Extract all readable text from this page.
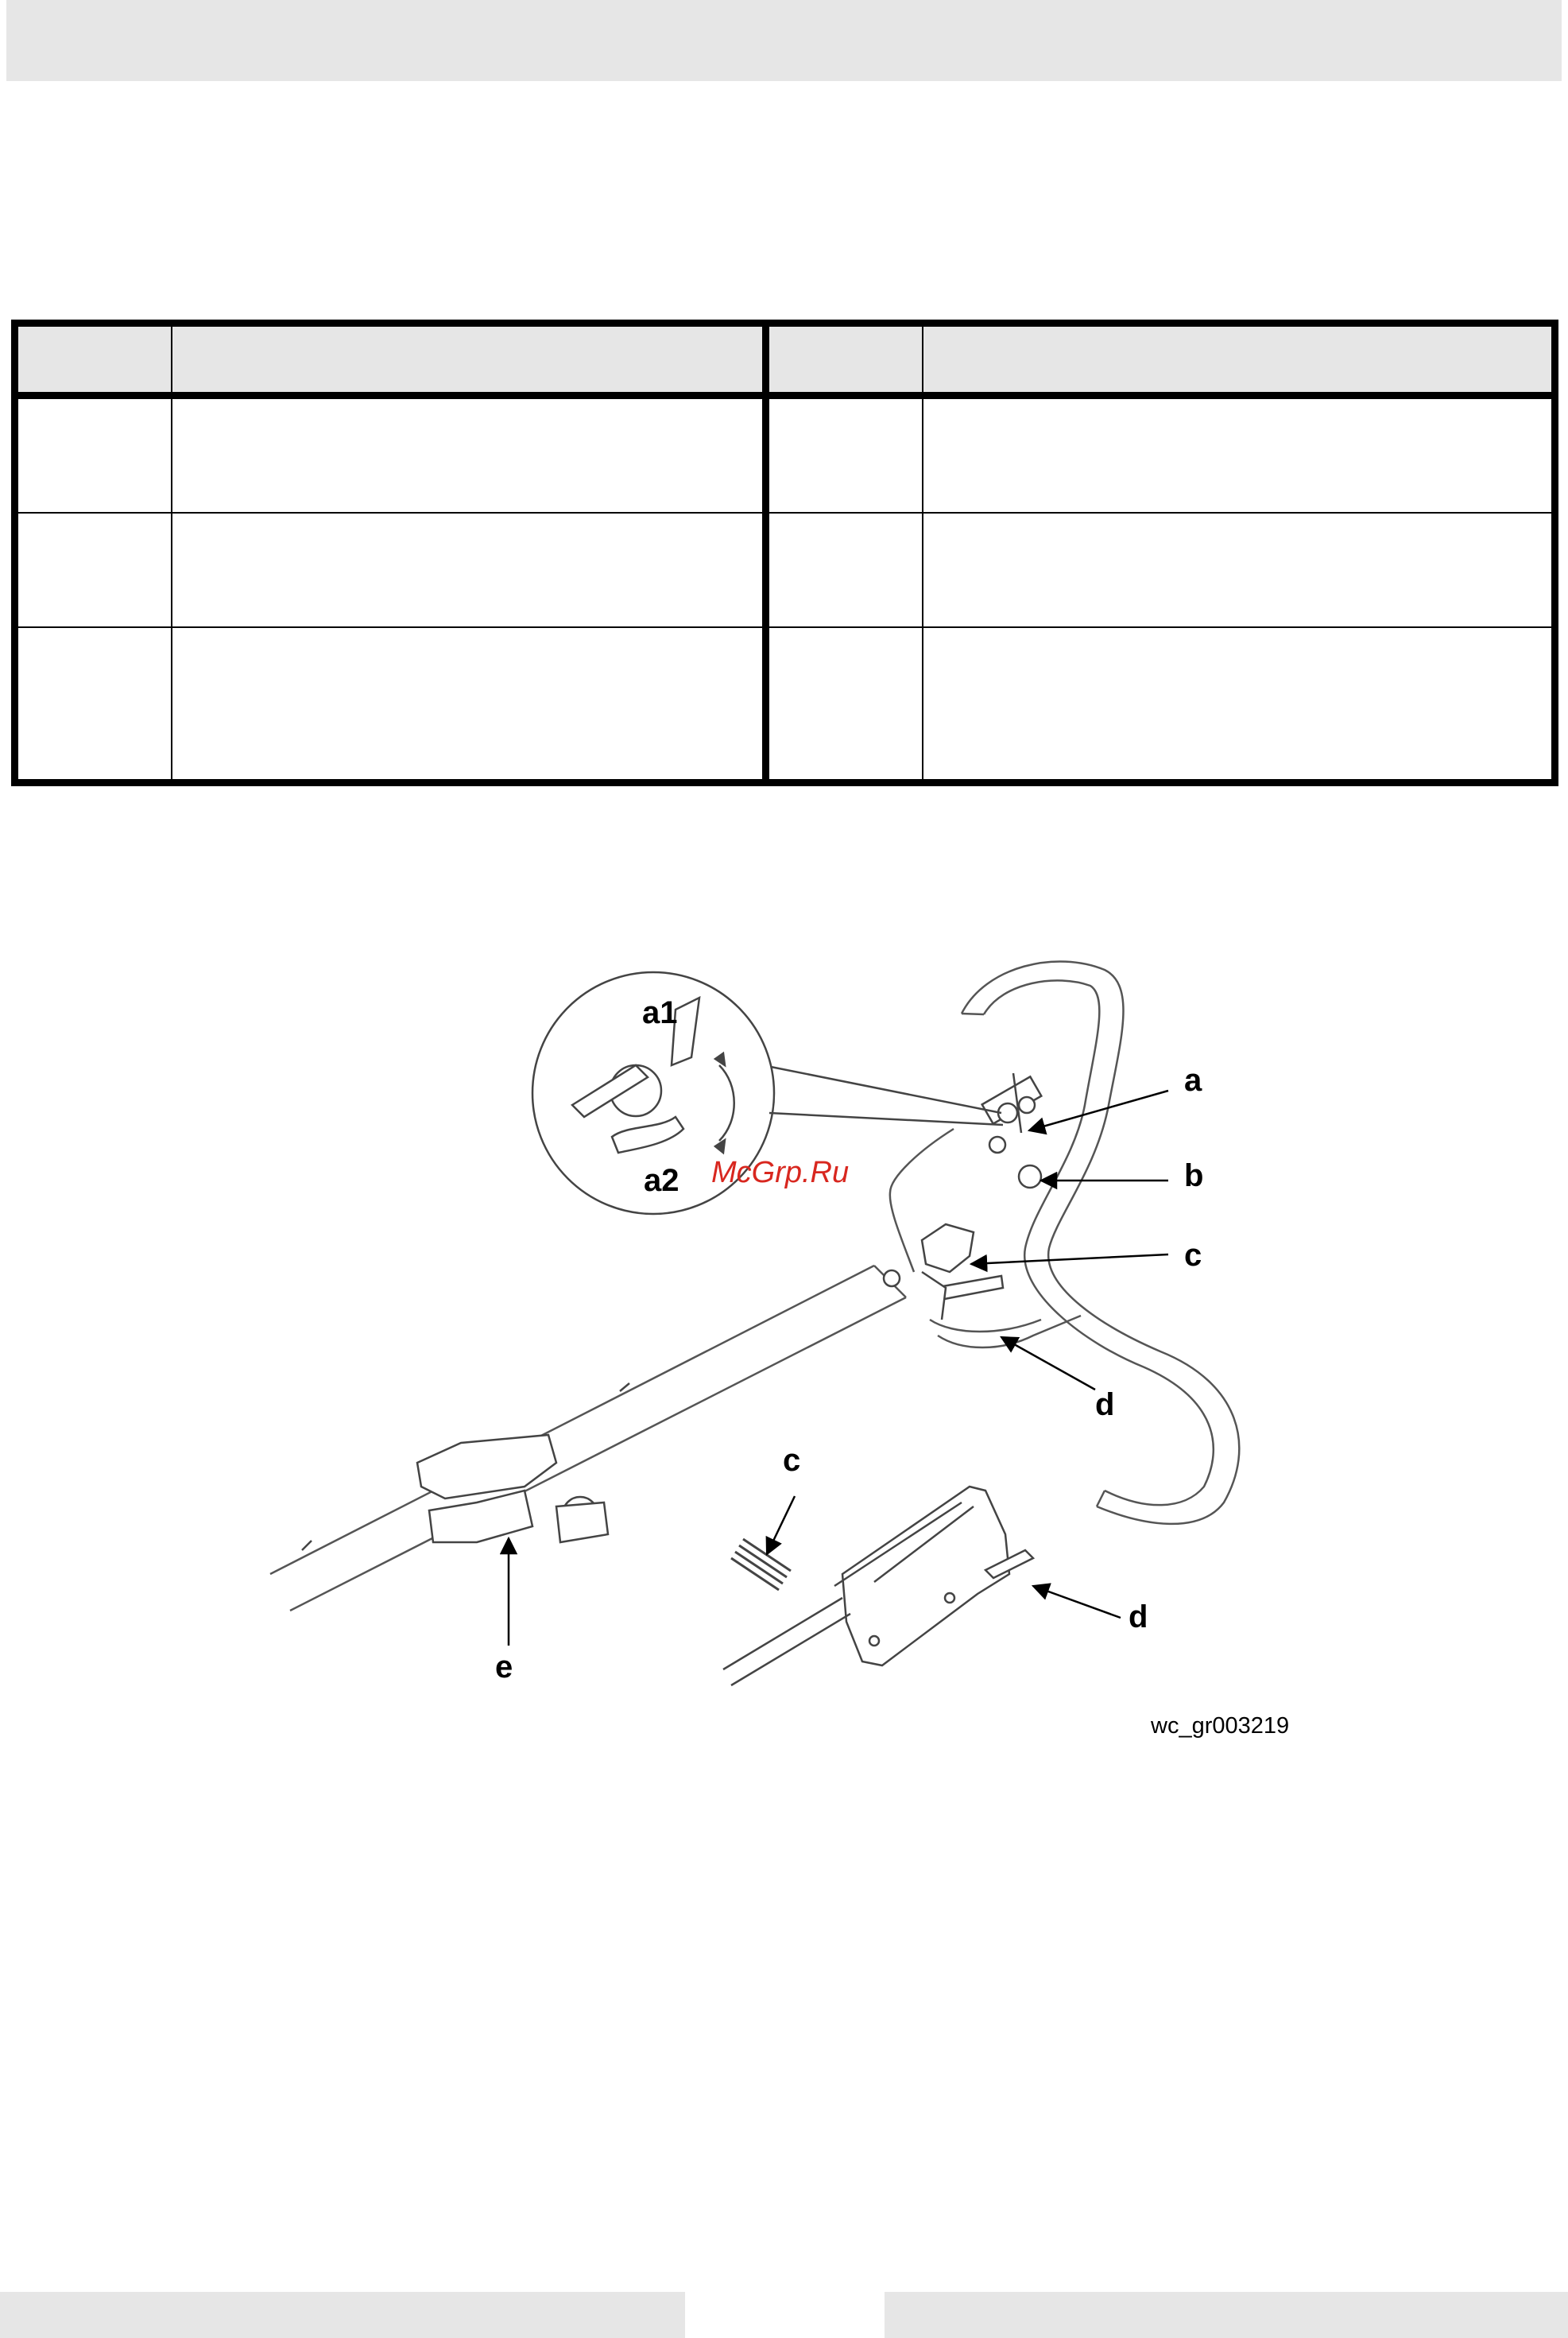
a
a1
a2	b
c
d
e
c
d
McGrp.Ru
wc_gr003219
